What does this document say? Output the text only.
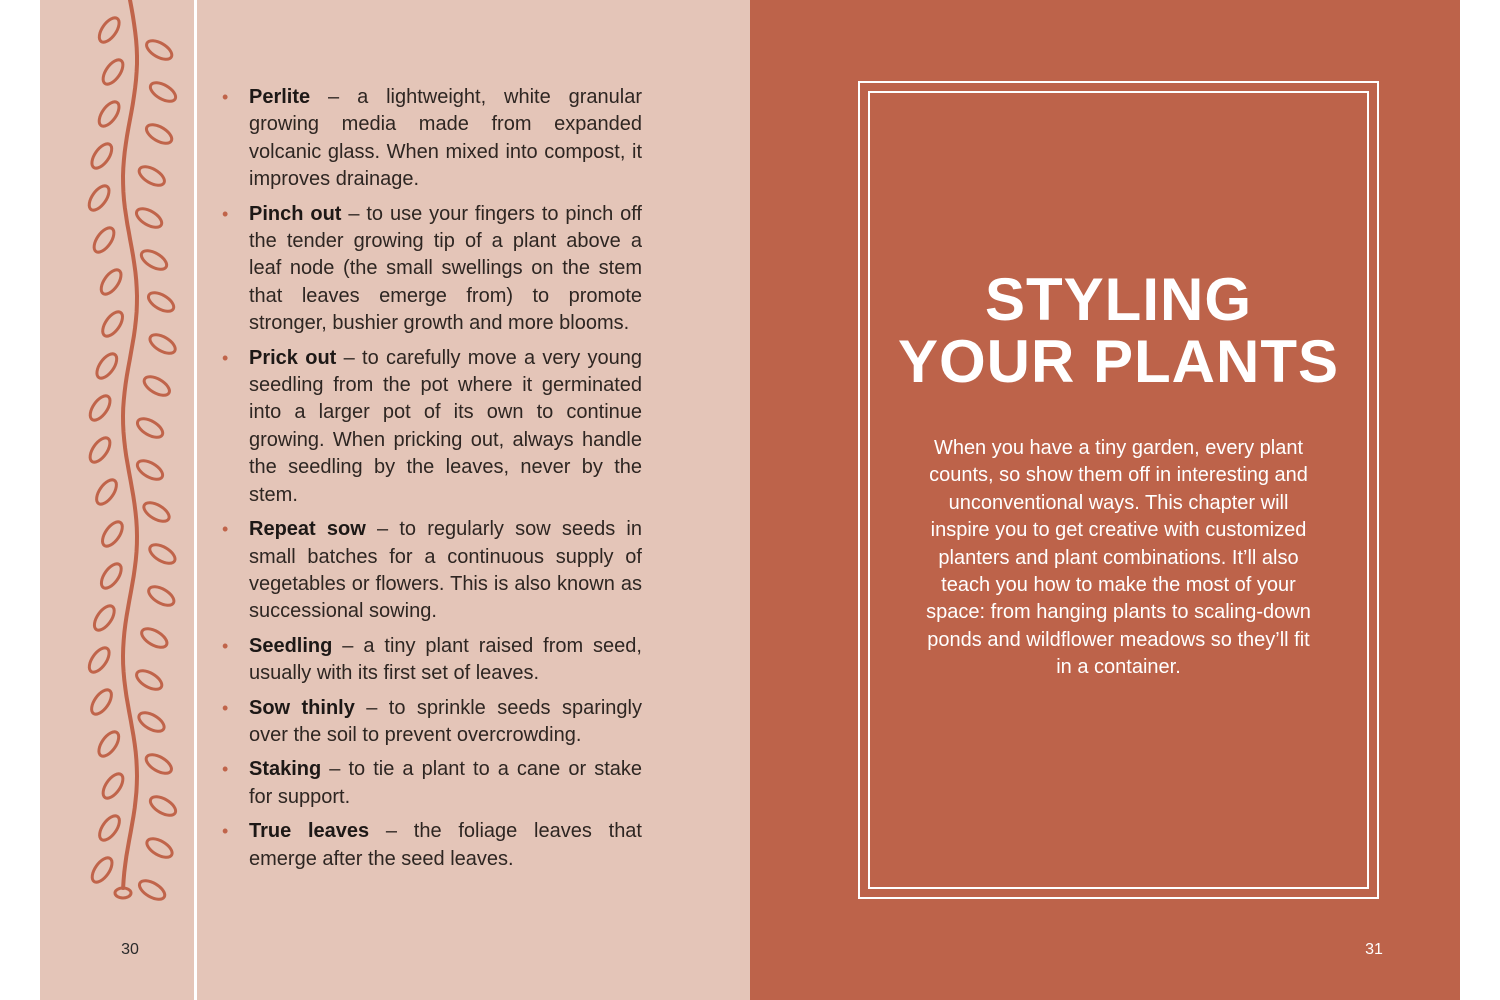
• Perlite – a lightweight, white granular growing media made from expanded volcanic glass. When mixed into compost, it improves drainage.
• Pinch out – to use your fingers to pinch off the tender growing tip of a plant above a leaf node (the small swellings on the stem that leaves emerge from) to promote stronger, bushier growth and more blooms.
• Prick out – to carefully move a very young seedling from the pot where it germinated into a larger pot of its own to continue growing. When pricking out, always handle the seedling by the leaves, never by the stem.
• Repeat sow – to regularly sow seeds in small batches for a continuous supply of vegetables or flowers. This is also known as successional sowing.
• Seedling – a tiny plant raised from seed, usually with its first set of leaves.
• Sow thinly – to sprinkle seeds sparingly over the soil to prevent overcrowding.
• Staking – to tie a plant to a cane or stake for support.
• True leaves – the foliage leaves that emerge after the seed leaves.
30
STYLING
YOUR PLANTS

When you have a tiny garden, every plant counts, so show them off in interesting and unconventional ways. This chapter will inspire you to get creative with customized planters and plant combinations. It’ll also teach you how to make the most of your space: from hanging plants to scaling-down ponds and wildflower meadows so they’ll fit in a container.

31
